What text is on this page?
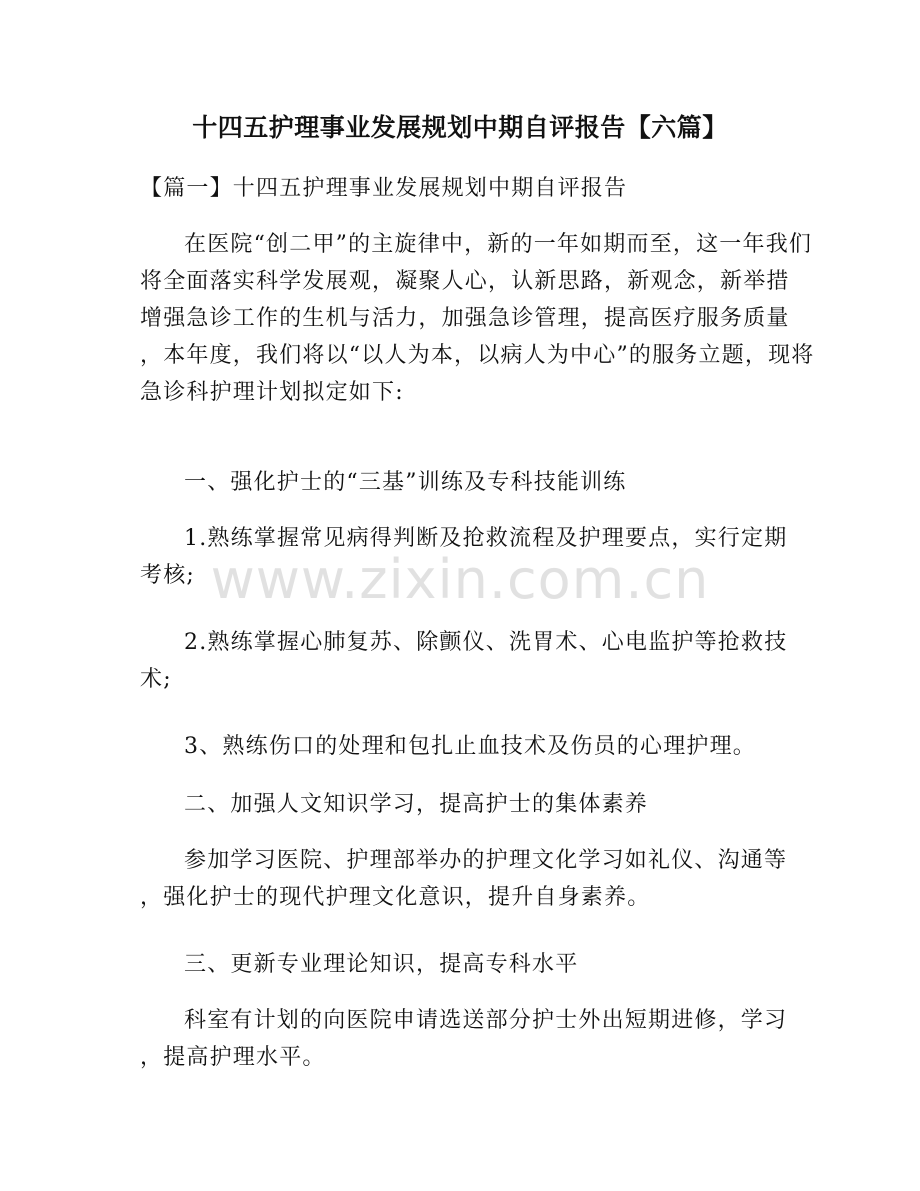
十四五护理事业发展规划中期自评报告【六篇】
【篇一】十四五护理事业发展规划中期自评报告
在医院“创二甲”的主旋律中，新的一年如期而至，这一年我们
将全面落实科学发展观，凝聚人心，认新思路，新观念，新举措
增强急诊工作的生机与活力，加强急诊管理，提高医疗服务质量
，本年度，我们将以“以人为本，以病人为中心”的服务立题，现将
急诊科护理计划拟定如下:
一、强化护士的“三基”训练及专科技能训练
1.熟练掌握常见病得判断及抢救流程及护理要点，实行定期
考核;
2.熟练掌握心肺复苏、除颤仪、洗胃术、心电监护等抢救技
术;
3、熟练伤口的处理和包扎止血技术及伤员的心理护理。
二、加强人文知识学习，提高护士的集体素养
参加学习医院、护理部举办的护理文化学习如礼仪、沟通等
，强化护士的现代护理文化意识，提升自身素养。
三、更新专业理论知识，提高专科水平
科室有计划的向医院申请选送部分护士外出短期进修，学习
，提高护理水平。
www.zixin.com.cn
